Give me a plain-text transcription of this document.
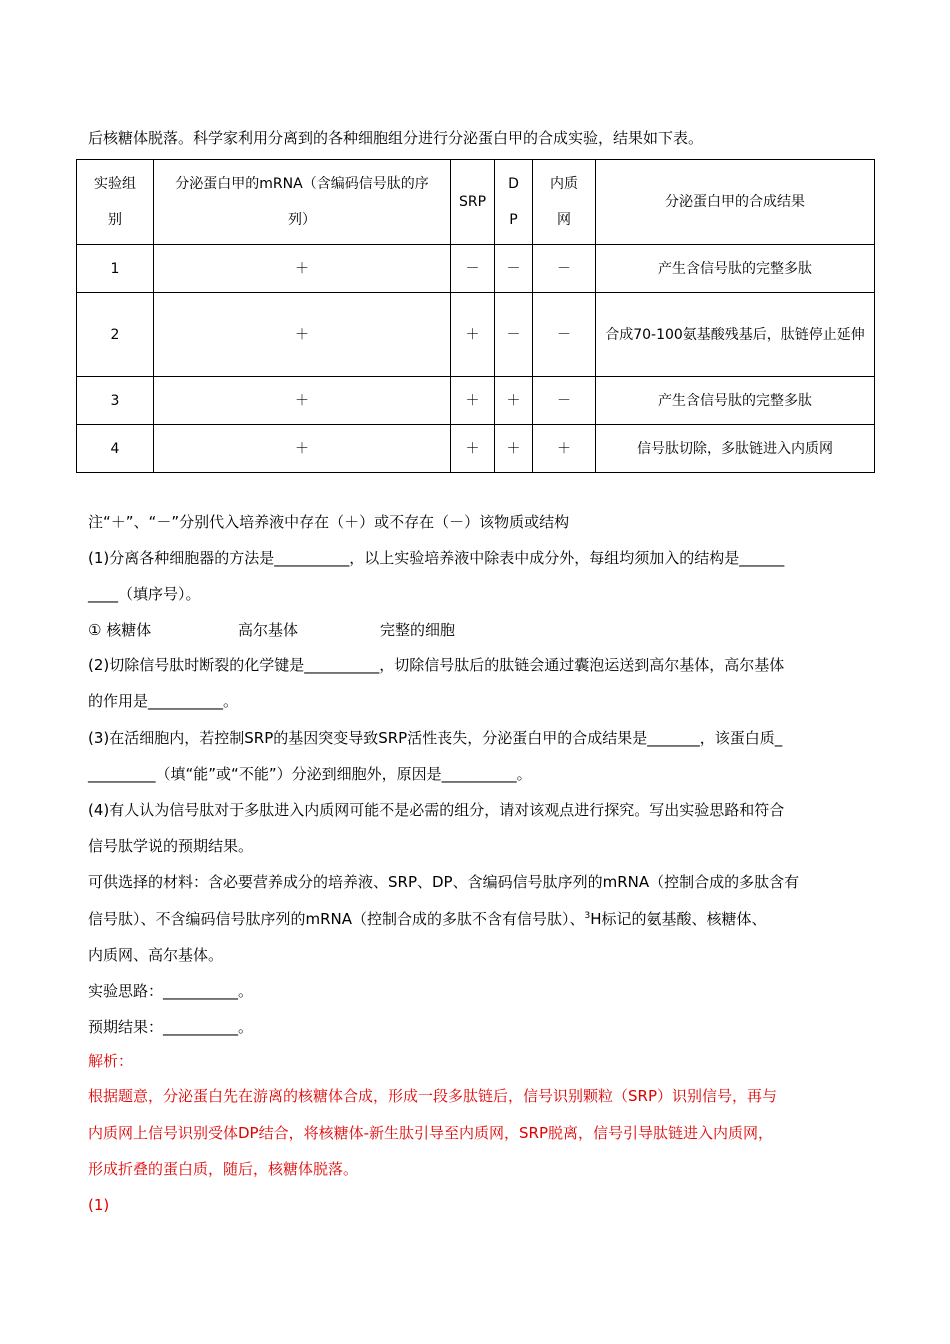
后核糖体脱落。科学家利用分离到的各种细胞组分进行分泌蛋白甲的合成实验，结果如下表。
实验组别	分泌蛋白甲的mRNA（含编码信号肽的序列）	SRP	DP	内质网	分泌蛋白甲的合成结果
1	＋	－	－	－	产生含信号肽的完整多肽
2	＋	＋	－	－	合成70-100氨基酸残基后，肽链停止延伸

3	＋	＋	＋	－	产生含信号肽的完整多肽
4	＋	＋	＋	＋	信号肽切除，多肽链进入内质网
注“＋”、“－”分别代入培养液中存在（＋）或不存在（－）该物质或结构
(1)分离各种细胞器的方法是__________，以上实验培养液中除表中成分外，每组均须加入的结构是______
____（填序号）。
① 核糖体	高尔基体	完整的细胞
(2)切除信号肽时断裂的化学键是__________，切除信号肽后的肽链会通过囊泡运送到高尔基体，高尔基体
的作用是__________。
(3)在活细胞内，若控制SRP的基因突变导致SRP活性丧失，分泌蛋白甲的合成结果是_______，该蛋白质_
_________（填“能”或“不能”）分泌到细胞外，原因是__________。
(4)有人认为信号肽对于多肽进入内质网可能不是必需的组分，请对该观点进行探究。写出实验思路和符合
信号肽学说的预期结果。
可供选择的材料：含必要营养成分的培养液、SRP、DP、含编码信号肽序列的mRNA（控制合成的多肽含有
信号肽）、不含编码信号肽序列的mRNA（控制合成的多肽不含有信号肽）、$^3$H标记的氨基酸、核糖体、
内质网、高尔基体。
实验思路：__________。
预期结果：__________。
解析：
根据题意，分泌蛋白先在游离的核糖体合成，形成一段多肽链后，信号识别颗粒（SRP）识别信号，再与
内质网上信号识别受体DP结合，将核糖体-新生肽引导至内质网，SRP脱离，信号引导肽链进入内质网，
形成折叠的蛋白质，随后，核糖体脱落。
(1)
